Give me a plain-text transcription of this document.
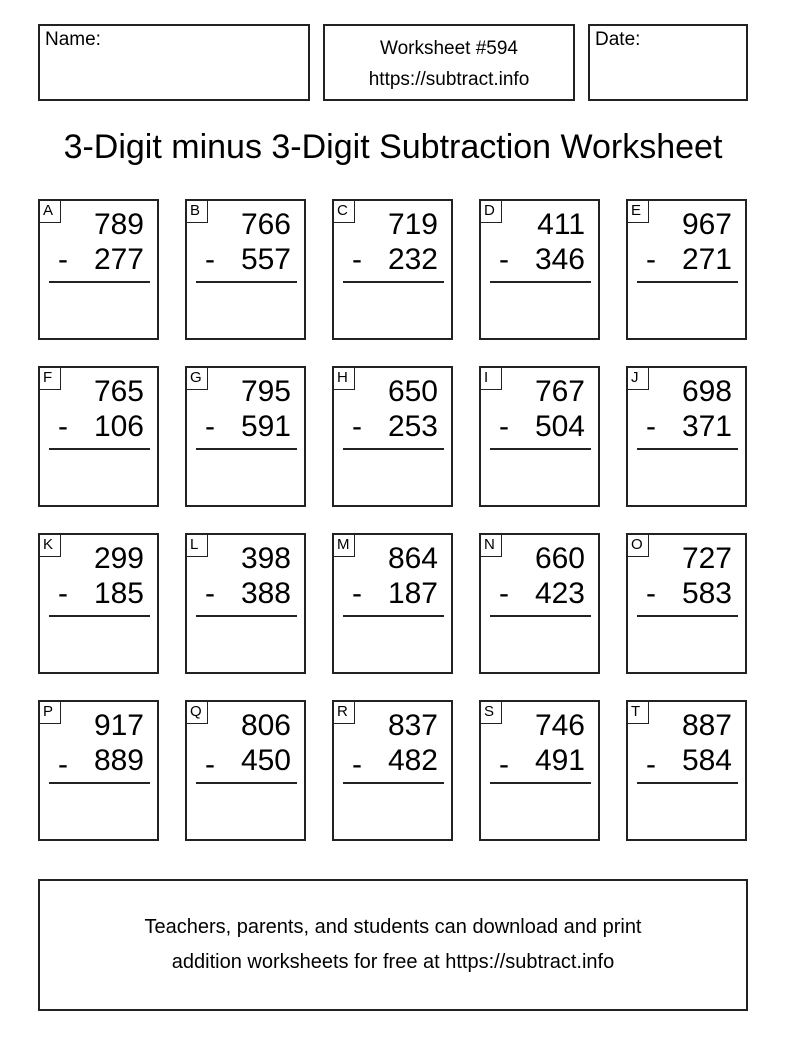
Name:	Worksheet #594
https://subtract.info
Date:
3-Digit minus 3-Digit Subtraction Worksheet
A 789
- 277
B 766
- 557
C 719
- 232
D 411
- 346
E 967
- 271
F 765
- 106
G 795
- 591
H 650
- 253
I	767
- 504
J	698
- 371
K 299
- 185
L	398
- 388
M 864
- 187
N 660
- 423
O 727
- 583
P 917
- 889
Q 806
- 450
R 837
- 482
S 746
- 491
T 887
- 584
Teachers, parents, and students can download and print
addition worksheets for free at https://subtract.info
